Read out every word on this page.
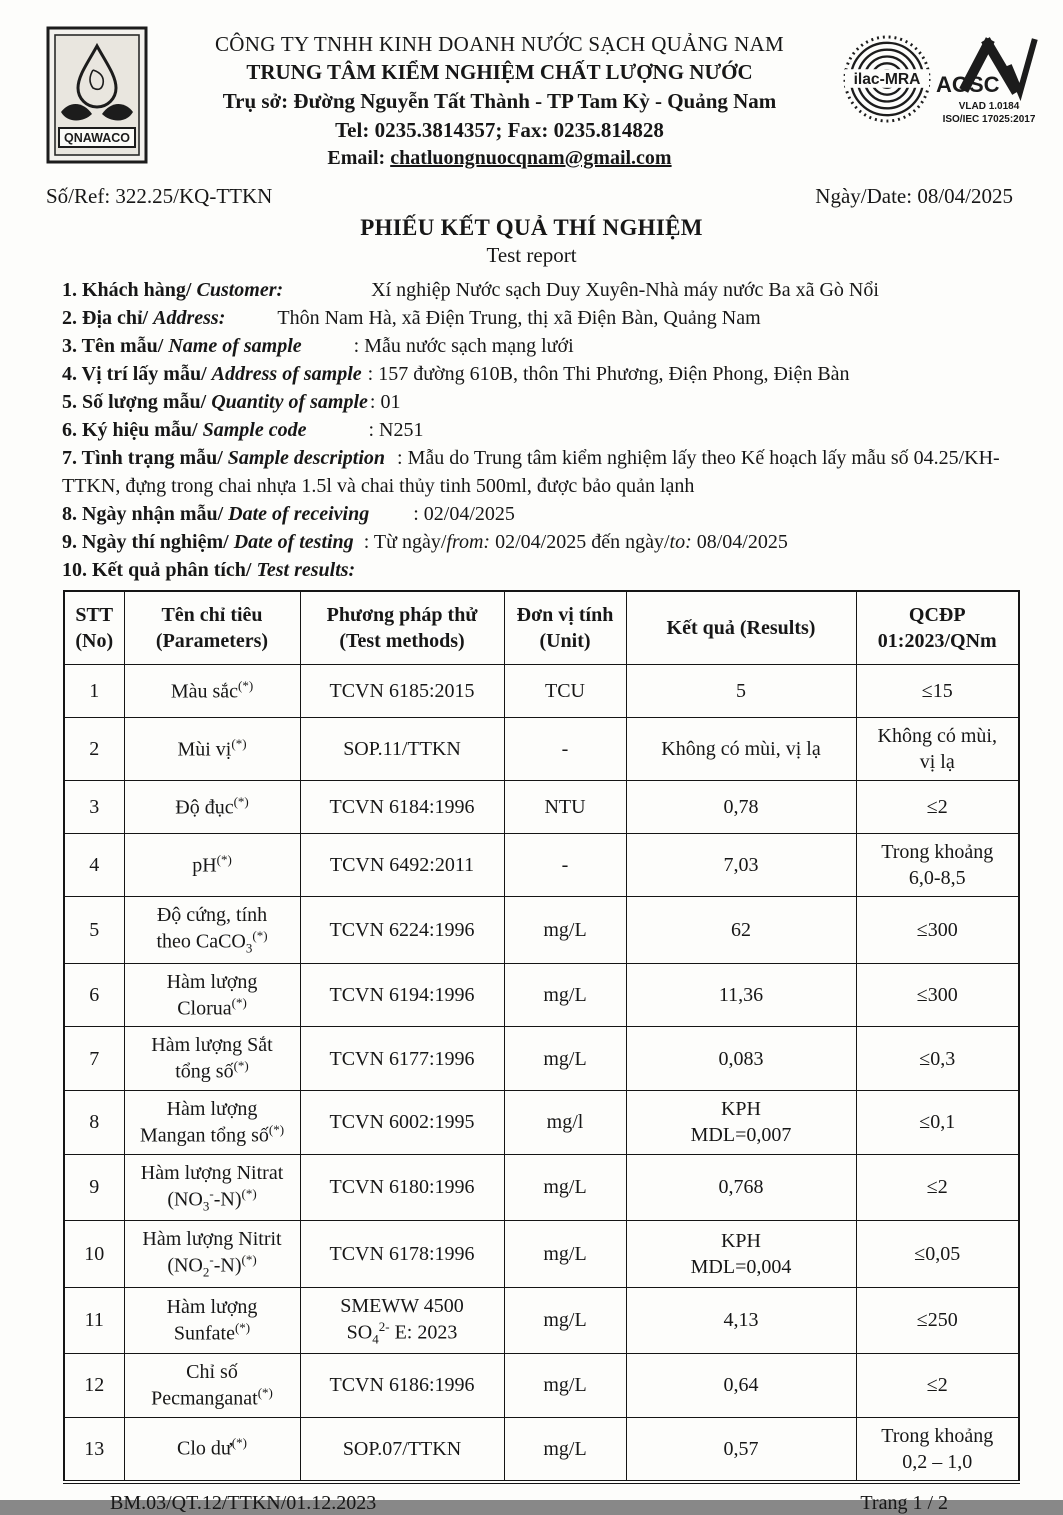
QNAWACO
CÔNG TY TNHH KINH DOANH NƯỚC SẠCH QUẢNG NAM
TRUNG TÂM KIỂM NGHIỆM CHẤT LƯỢNG NƯỚC
Trụ sở: Đường Nguyễn Tất Thành - TP Tam Kỳ - Quảng Nam
Tel: 0235.3814357; Fax: 0235.814828
Email: chatluongnuocqnam@gmail.com
ilac-MRA AOSC
VLAD 1.0184
ISO/IEC 17025:2017
Số/Ref: 322.25/KQ-TTKN	Ngày/Date: 08/04/2025
PHIẾU KẾT QUẢ THÍ NGHIỆM
Test report
1. Khách hàng/ Customer:	Xí nghiệp Nước sạch Duy Xuyên-Nhà máy nước Ba xã Gò Nổi
2. Địa chỉ/ Address:	Thôn Nam Hà, xã Điện Trung, thị xã Điện Bàn, Quảng Nam
3. Tên mẫu/ Name of sample	: Mẫu nước sạch mạng lưới
4. Vị trí lấy mẫu/ Address of sample : 157 đường 610B, thôn Thi Phương, Điện Phong, Điện Bàn
5. Số lượng mẫu/ Quantity of sample : 01
6. Ký hiệu mẫu/ Sample code	: N251
7. Tình trạng mẫu/ Sample description : Mẫu do Trung tâm kiểm nghiệm lấy theo Kế hoạch lấy mẫu số 04.25/KH-TTKN, đựng trong chai nhựa 1.5l và chai thủy tinh 500ml, được bảo quản lạnh
8. Ngày nhận mẫu/ Date of receiving : 02/04/2025
9. Ngày thí nghiệm/ Date of testing : Từ ngày/from: 02/04/2025 đến ngày/to: 08/04/2025
10. Kết quả phân tích/ Test results:
STT
(No)	Tên chỉ tiêu
(Parameters)	Phương pháp thử
(Test methods)	Đơn vị tính
(Unit)	Kết quả (Results)	QCĐP
01:2023/QNm
1	Màu sắc(*)	TCVN 6185:2015	TCU	5	≤15
2	Mùi vị(*)	SOP.11/TTKN	-	Không có mùi, vị lạ	Không có mùi,
vị lạ
3	Độ đục(*)	TCVN 6184:1996	NTU	0,78	≤2
4	pH(*)	TCVN 6492:2011	-	7,03	Trong khoảng
6,0-8,5
5	Độ cứng, tính
theo CaCO$_3$(*)	TCVN 6224:1996	mg/L	62	≤300
6	Hàm lượng
Clorua(*)	TCVN 6194:1996	mg/L	11,36	≤300
7	Hàm lượng Sắt
tổng số(*)	TCVN 6177:1996	mg/L	0,083	≤0,3
8	Hàm lượng
Mangan tổng số(*)	TCVN 6002:1995	mg/l	KPH
MDL=0,007	≤0,1
9	Hàm lượng Nitrat
$(NO_3^--N)^{(*)}$	TCVN 6180:1996	mg/L	0,768	≤2
10	Hàm lượng Nitrit
$(NO_2^--N)^{(*)}$	TCVN 6178:1996	mg/L	KPH
MDL=0,004	≤0,05
11	Hàm lượng
Sunfate(*)	SMEWW 4500
$SO_4^{2-}$ E: 2023	mg/L	4,13	≤250
12	Chỉ số
Pecmanganat(*)	TCVN 6186:1996	mg/L	0,64	≤2
13	Clo dư(*)	SOP.07/TTKN	mg/L	0,57	Trong khoảng
0,2 – 1,0
BM.03/QT.12/TTKN/01.12.2023	Trang 1 / 2
